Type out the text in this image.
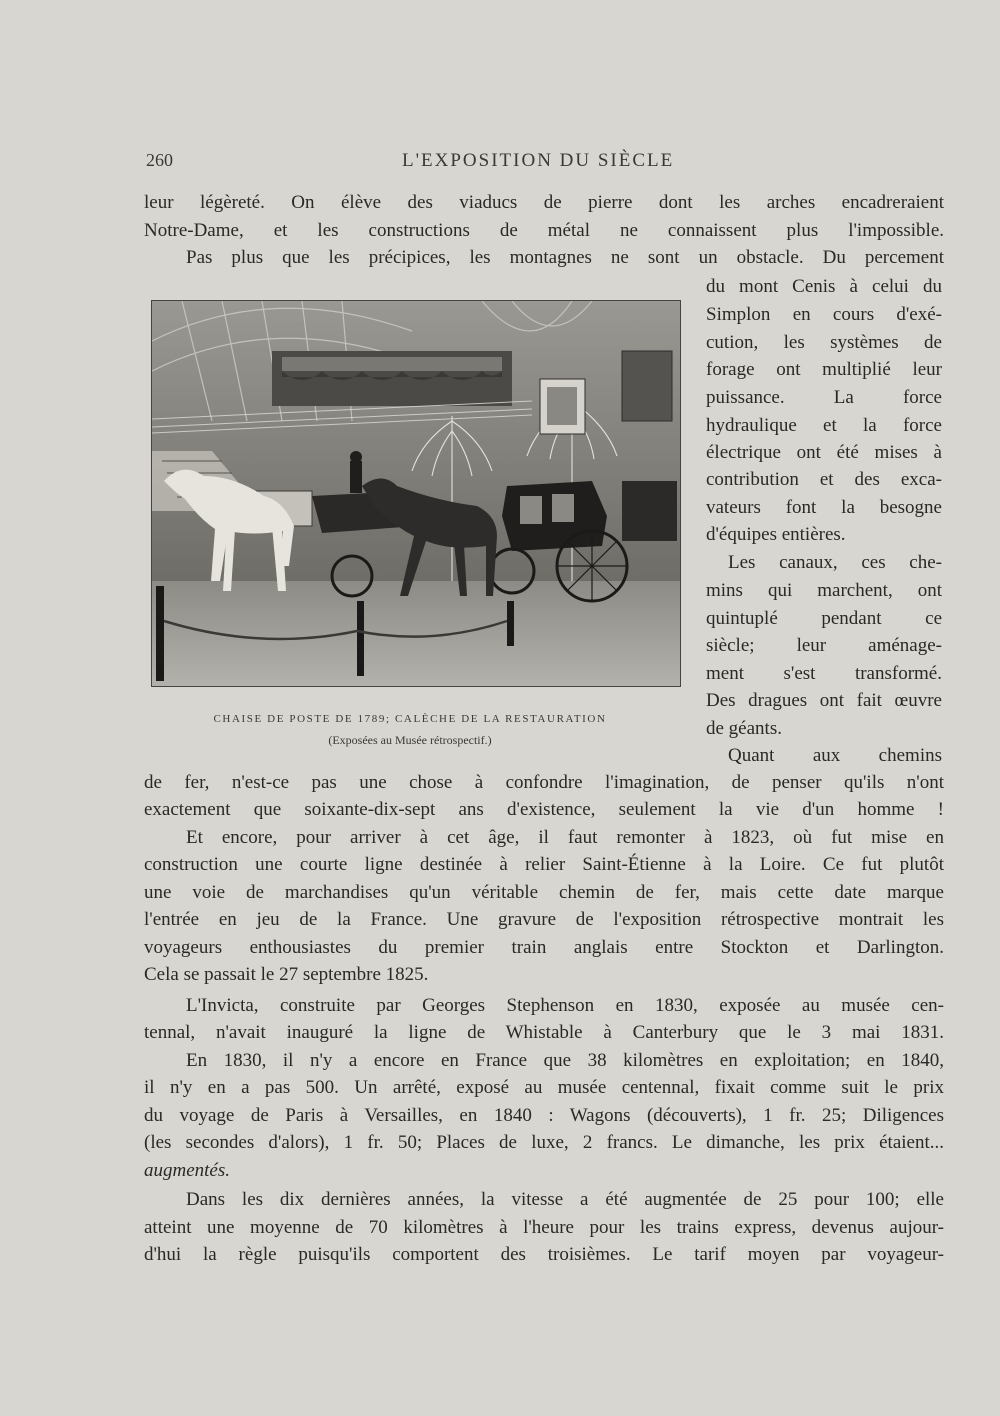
260	L'EXPOSITION DU SIÈCLE
leur légèreté. On élève des viaducs de pierre dont les arches encadreraient
Notre-Dame, et les constructions de métal ne connaissent plus l'impossible.
Pas plus que les précipices, les montagnes ne sont un obstacle. Du percement
du mont Cenis à celui du
Simplon en cours d'exé-
cution, les systèmes de
forage ont multiplié leur
puissance. La force
hydraulique et la force
électrique ont été mises à
contribution et des exca-
vateurs font la besogne
d'équipes entières.
Les canaux, ces che-
mins qui marchent, ont
quintuplé pendant ce
siècle; leur aménage-
ment s'est transformé.
Des dragues ont fait œuvre
de géants.
Quant aux chemins
de fer, n'est-ce pas une chose à confondre l'imagination, de penser qu'ils n'ont
exactement que soixante-dix-sept ans d'existence, seulement la vie d'un homme !
Et encore, pour arriver à cet âge, il faut remonter à 1823, où fut mise en
construction une courte ligne destinée à relier Saint-Étienne à la Loire. Ce fut plutôt
une voie de marchandises qu'un véritable chemin de fer, mais cette date marque
l'entrée en jeu de la France. Une gravure de l'exposition rétrospective montrait les
voyageurs enthousiastes du premier train anglais entre Stockton et Darlington.
Cela se passait le 27 septembre 1825.
L'Invicta, construite par Georges Stephenson en 1830, exposée au musée cen-
tennal, n'avait inauguré la ligne de Whistable à Canterbury que le 3 mai 1831.
En 1830, il n'y a encore en France que 38 kilomètres en exploitation; en 1840,
il n'y en a pas 500. Un arrêté, exposé au musée centennal, fixait comme suit le prix
du voyage de Paris à Versailles, en 1840 : Wagons (découverts), 1 fr. 25; Diligences
(les secondes d'alors), 1 fr. 50; Places de luxe, 2 francs. Le dimanche, les prix étaient...
augmentés.
Dans les dix dernières années, la vitesse a été augmentée de 25 pour 100; elle
atteint une moyenne de 70 kilomètres à l'heure pour les trains express, devenus aujour-
d'hui la règle puisqu'ils comportent des troisièmes. Le tarif moyen par voyageur-
CHAISE DE POSTE DE 1789; CALÈCHE DE LA RESTAURATION
(Exposées au Musée rétrospectif.)
